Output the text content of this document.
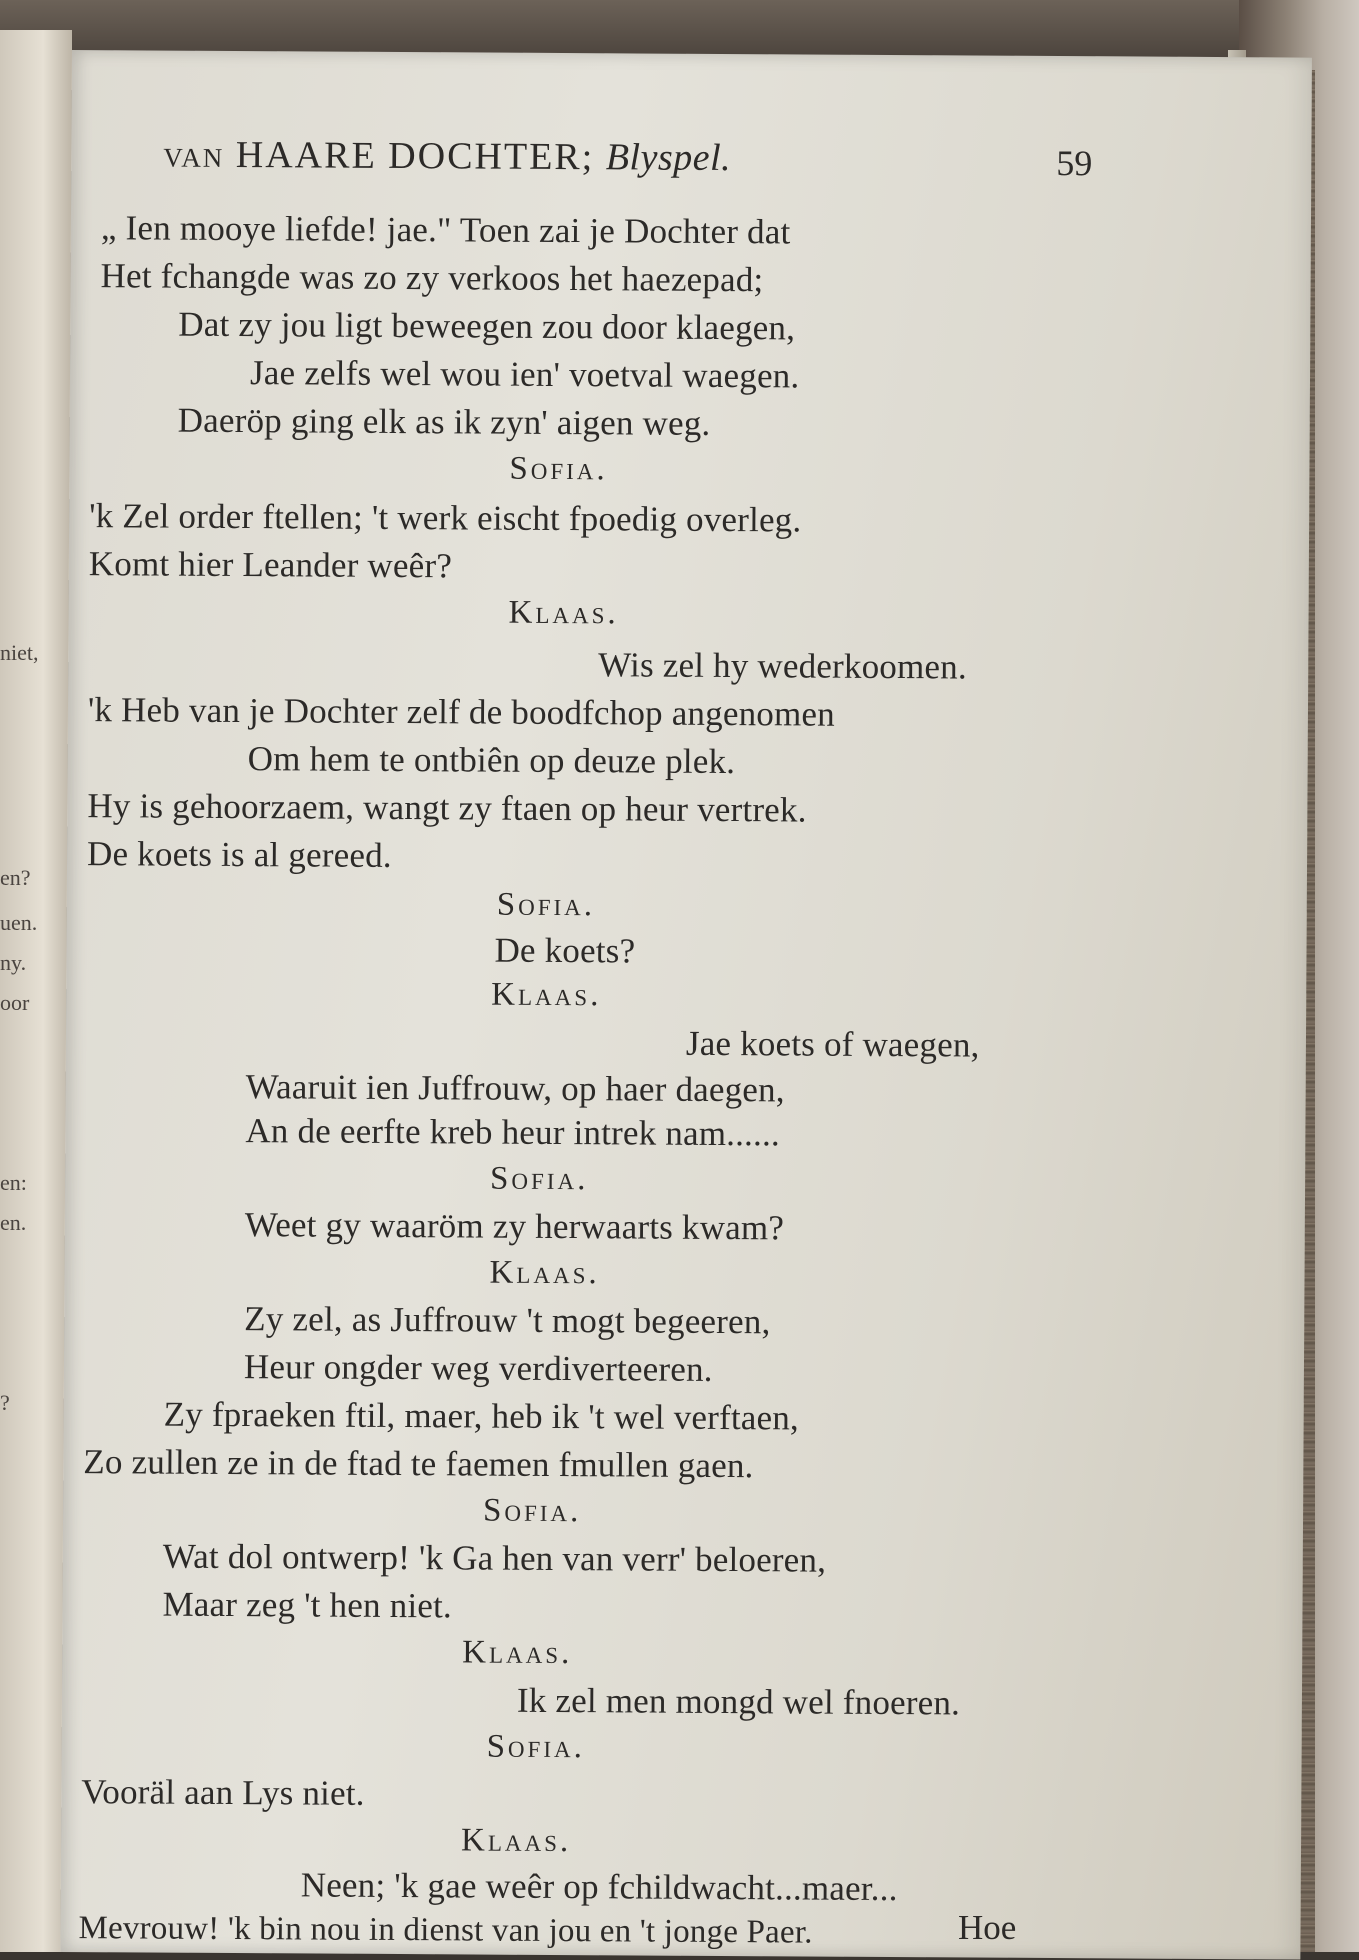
niet,
en?
uen.
ny.
oor
en:
en.
?
van HAARE DOCHTER; Blyspel.	59
„ Ien mooye liefde! jae." Toen zai je Dochter dat
Het fchangde was zo zy verkoos het haezepad;
Dat zy jou ligt beweegen zou door klaegen,
Jae zelfs wel wou ien' voetval waegen.
Daeröp ging elk as ik zyn' aigen weg.
Sofia.
'k Zel order ftellen; 't werk eischt fpoedig overleg.
Komt hier Leander weêr?
Klaas.
Wis zel hy wederkoomen.
'k Heb van je Dochter zelf de boodfchop angenomen
Om hem te ontbiên op deuze plek.
Hy is gehoorzaem, wangt zy ftaen op heur vertrek.
De koets is al gereed.
Sofia.
De koets?
Klaas.
Jae koets of waegen,
Waaruit ien Juffrouw, op haer daegen,
An de eerfte kreb heur intrek nam......
Sofia.
Weet gy waaröm zy herwaarts kwam?
Klaas.
Zy zel, as Juffrouw 't mogt begeeren,
Heur ongder weg verdiverteeren.
Zy fpraeken ftil, maer, heb ik 't wel verftaen,
Zo zullen ze in de ftad te faemen fmullen gaen.
Sofia.
Wat dol ontwerp! 'k Ga hen van verr' beloeren,
Maar zeg 't hen niet.
Klaas.
Ik zel men mongd wel fnoeren.
Sofia.
Vooräl aan Lys niet.
Klaas.
Neen; 'k gae weêr op fchildwacht...maer...
Mevrouw! 'k bin nou in dienst van jou en 't jonge Paer.	Hoe
